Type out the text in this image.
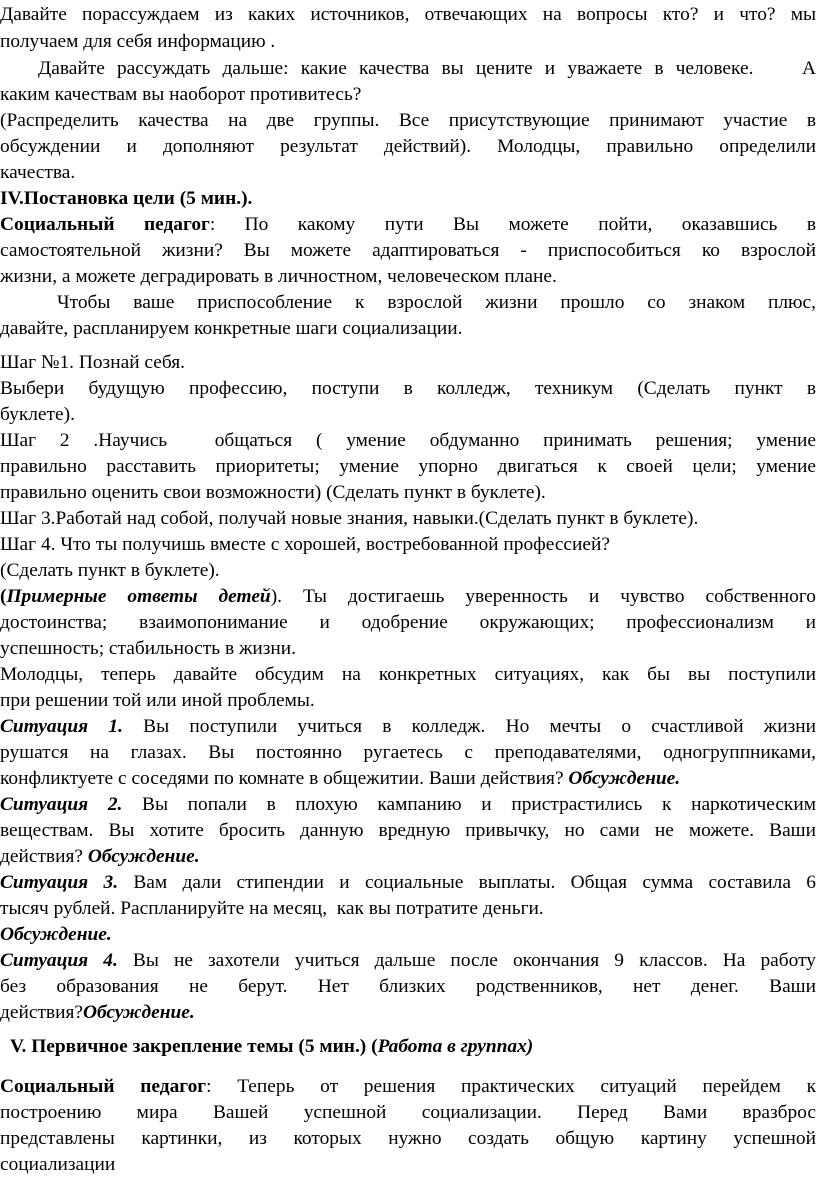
Давайте порассуждаем из каких источников, отвечающих на вопросы кто? и что? мы
получаем для себя информацию .
Давайте рассуждать дальше: какие качества вы цените и уважаете в человеке.    А
каким качествам вы наоборот противитесь?
(Распределить качества на две группы. Все присутствующие принимают участие в
обсуждении и дополняют результат действий). Молодцы, правильно определили
качества.
IV.Постановка цели (5 мин.).
Социальный педагог: По какому пути Вы можете пойти, оказавшись в
самостоятельной жизни? Вы можете адаптироваться - приспособиться ко взрослой
жизни, а можете деградировать в личностном, человеческом плане.
Чтобы ваше приспособление к взрослой жизни прошло со знаком плюс,
давайте, распланируем конкретные шаги социализации.
Шаг №1. Познай себя.
Выбери будущую профессию, поступи в колледж, техникум (Сделать пункт в
буклете).
Шаг 2 .Научись  общаться ( умение обдуманно принимать решения; умение
правильно расставить приоритеты; умение упорно двигаться к своей цели; умение
правильно оценить свои возможности) (Сделать пункт в буклете).
Шаг 3.Работай над собой, получай новые знания, навыки.(Сделать пункт в буклете).
Шаг 4. Что ты получишь вместе с хорошей, востребованной профессией?
(Сделать пункт в буклете).
(Примерные ответы детей). Ты достигаешь уверенность и чувство собственного
достоинства; взаимопонимание и одобрение окружающих; профессионализм и
успешность; стабильность в жизни.
Молодцы, теперь давайте обсудим на конкретных ситуациях, как бы вы поступили
при решении той или иной проблемы.
Ситуация 1. Вы поступили учиться в колледж. Но мечты о счастливой жизни
рушатся на глазах. Вы постоянно ругаетесь с преподавателями, одногруппниками,
конфликтуете с соседями по комнате в общежитии. Ваши действия? Обсуждение.
Ситуация 2. Вы попали в плохую кампанию и пристрастились к наркотическим
веществам. Вы хотите бросить данную вредную привычку, но сами не можете. Ваши
действия? Обсуждение.
Ситуация 3. Вам дали стипендии и социальные выплаты. Общая сумма составила 6
тысяч рублей. Распланируйте на месяц,  как вы потратите деньги.
Обсуждение.
Ситуация 4. Вы не захотели учиться дальше после окончания 9 классов. На работу
без образования не берут. Нет близких родственников, нет денег. Ваши
действия?Обсуждение.
V. Первичное закрепление темы (5 мин.) (Работа в группах)
Социальный педагог: Теперь от решения практических ситуаций перейдем к
построению мира Вашей успешной социализации. Перед Вами вразброс
представлены картинки, из которых нужно создать общую картину успешной
социализации
